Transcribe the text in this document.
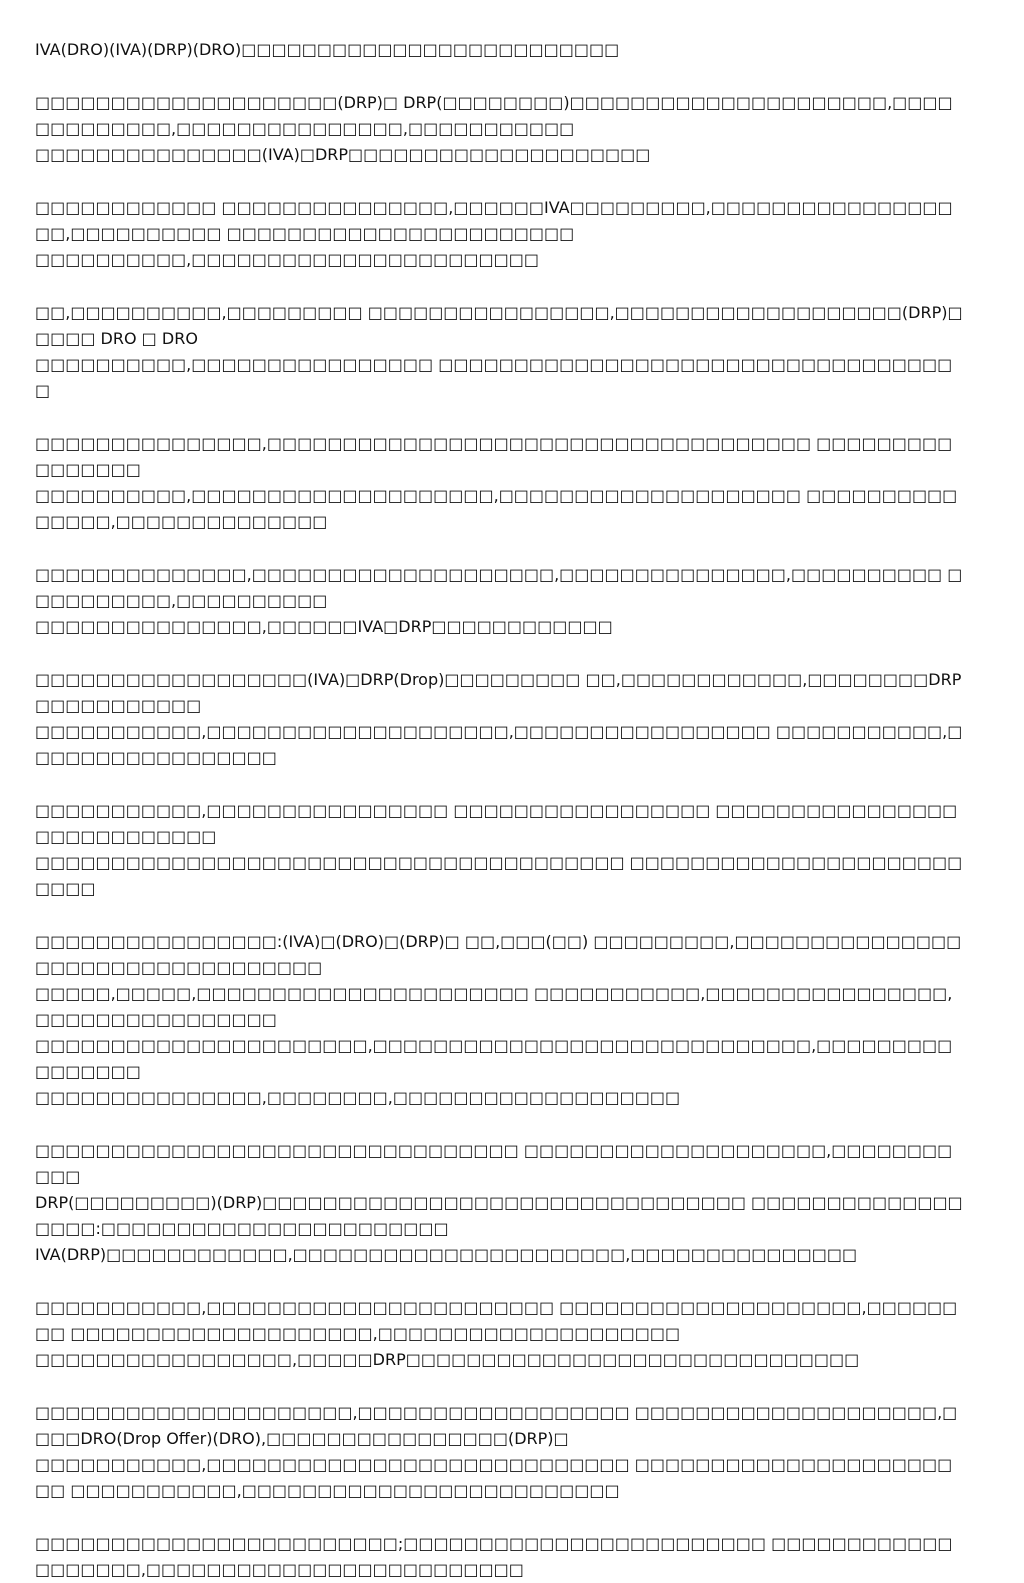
IVA(DRO)(IVA)(DRP)(DRO)□□□□□□□□□□□□□□□□□□□□□□□□□

□□□□□□□□□□□□□□□□□□□□(DRP)□ DRP(□□□□□□□□)□□□□□□□□□□□□□□□□□□□□□,□□□□□□□□□□□□□,□□□□□□□□□□□□□□□,□□□□□□□□□□□
□□□□□□□□□□□□□□□(IVA)□DRP□□□□□□□□□□□□□□□□□□□□

□□□□□□□□□□□□ □□□□□□□□□□□□□□□,□□□□□□IVA□□□□□□□□□,□□□□□□□□□□□□□□□□□□,□□□□□□□□□□ □□□□□□□□□□□□□□□□□□□□□□□
□□□□□□□□□□,□□□□□□□□□□□□□□□□□□□□□□□

□□,□□□□□□□□□□,□□□□□□□□□ □□□□□□□□□□□□□□□□,□□□□□□□□□□□□□□□□□□□(DRP)□□□□□ DRO □ DRO
□□□□□□□□□□,□□□□□□□□□□□□□□□□ □□□□□□□□□□□□□□□□□□□□□□□□□□□□□□□□□□□

□□□□□□□□□□□□□□□,□□□□□□□□□□□□□□□□□□□□□□□□□□□□□□□□□□□□ □□□□□□□□□□□□□□□□
□□□□□□□□□□,□□□□□□□□□□□□□□□□□□□□,□□□□□□□□□□□□□□□□□□□□ □□□□□□□□□□□□□□□,□□□□□□□□□□□□□□

□□□□□□□□□□□□□□,□□□□□□□□□□□□□□□□□□□□,□□□□□□□□□□□□□□□,□□□□□□□□□□ □□□□□□□□□□,□□□□□□□□□□
□□□□□□□□□□□□□□□,□□□□□□IVA□DRP□□□□□□□□□□□□

□□□□□□□□□□□□□□□□□□(IVA)□DRP(Drop)□□□□□□□□□ □□,□□□□□□□□□□□□,□□□□□□□□DRP□□□□□□□□□□□
□□□□□□□□□□□,□□□□□□□□□□□□□□□□□□□□,□□□□□□□□□□□□□□□□□ □□□□□□□□□□□,□□□□□□□□□□□□□□□□□

□□□□□□□□□□□,□□□□□□□□□□□□□□□□ □□□□□□□□□□□□□□□□□ □□□□□□□□□□□□□□□□□□□□□□□□□□□□
□□□□□□□□□□□□□□□□□□□□□□□□□□□□□□□□□□□□□□□ □□□□□□□□□□□□□□□□□□□□□□□□□□

□□□□□□□□□□□□□□□□:(IVA)□(DRO)□(DRP)□ □□,□□□(□□) □□□□□□□□□,□□□□□□□□□□□□□□□□□□□□□□□□□□□□□□□□□□
□□□□□,□□□□□,□□□□□□□□□□□□□□□□□□□□□□ □□□□□□□□□□□,□□□□□□□□□□□□□□□□,□□□□□□□□□□□□□□□□
□□□□□□□□□□□□□□□□□□□□□□,□□□□□□□□□□□□□□□□□□□□□□□□□□□□□,□□□□□□□□□□□□□□□□
□□□□□□□□□□□□□□□,□□□□□□□□,□□□□□□□□□□□□□□□□□□□

□□□□□□□□□□□□□□□□□□□□□□□□□□□□□□□□ □□□□□□□□□□□□□□□□□□□□,□□□□□□□□□□□
DRP(□□□□□□□□□)(DRP)□□□□□□□□□□□□□□□□□□□□□□□□□□□□□□□□ □□□□□□□□□□□□□□□□□□:□□□□□□□□□□□□□□□□□□□□□□□
IVA(DRP)□□□□□□□□□□□□,□□□□□□□□□□□□□□□□□□□□□□,□□□□□□□□□□□□□□□

□□□□□□□□□□□,□□□□□□□□□□□□□□□□□□□□□□□ □□□□□□□□□□□□□□□□□□□□,□□□□□□□□ □□□□□□□□□□□□□□□□□□□□,□□□□□□□□□□□□□□□□□□□□
□□□□□□□□□□□□□□□□□,□□□□□DRP□□□□□□□□□□□□□□□□□□□□□□□□□□□□□□

□□□□□□□□□□□□□□□□□□□□□,□□□□□□□□□□□□□□□□□□ □□□□□□□□□□□□□□□□□□□□,□□□□DRO(Drop Offer)(DRO),□□□□□□□□□□□□□□□□(DRP)□
□□□□□□□□□□□,□□□□□□□□□□□□□□□□□□□□□□□□□□□□ □□□□□□□□□□□□□□□□□□□□□□□ □□□□□□□□□□□,□□□□□□□□□□□□□□□□□□□□□□□□□

□□□□□□□□□□□□□□□□□□□□□□□□;□□□□□□□□□□□□□□□□□□□□□□□□ □□□□□□□□□□□□□□□□□□□,□□□□□□□□□□□□□□□□□□□□□□□□□
